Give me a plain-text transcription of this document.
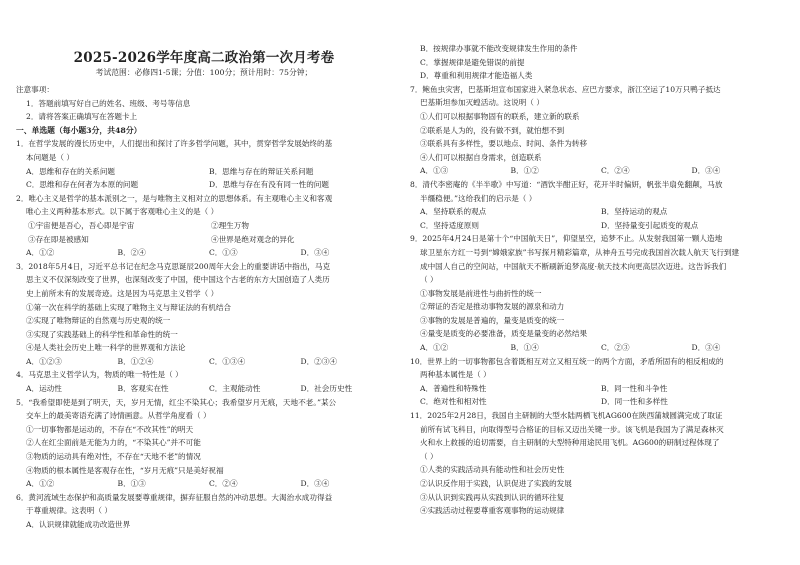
2025-2026学年度高二政治第一次月考卷
考试范围：必修四1-5课；分值：100分；预计用时：75分钟；
注意事项：
1．答题前填写好自己的姓名、班级、考号等信息
2．请将答案正确填写在答题卡上
一、单选题（每小题3分，共48分）
1．在哲学发展的漫长历史中，人们提出和探讨了许多哲学问题，其中，贯穿哲学发展始终的基
本问题是（ ）
A．思维和存在的关系问题	B．思维与存在的辩证关系问题
C．思维和存在何者为本原的问题	D．思维与存在有没有同一性的问题
2．唯心主义是哲学的基本派别之一，是与唯物主义相对立的思想体系。有主观唯心主义和客观
唯心主义两种基本形式。以下属于客观唯心主义的是（ ）
①宇宙便是吾心，吾心即是宇宙	②理生万物
③存在即是被感知	④世界是绝对观念的异化
A．①②	B．②④	C．①③	D．③④
3．2018年5月4日，习近平总书记在纪念马克思诞辰200周年大会上的重要讲话中指出，马克
思主义不仅深刻改变了世界，也深刻改变了中国，使中国这个古老的东方大国创造了人类历
史上前所未有的发展奇迹。这是因为马克思主义哲学（ ）
①第一次在科学的基础上实现了唯物主义与辩证法的有机结合
②实现了唯物辩证的自然观与历史观的统一
③实现了实践基础上的科学性和革命性的统一
④是人类社会历史上唯一科学的世界观和方法论
A．①②③	B．①②④	C．①③④	D．②③④
4．马克思主义哲学认为，物质的唯一特性是（ ）
A．运动性	B．客观实在性	C．主观能动性	D．社会历史性
5．“我希望即使是到了明天，天，岁月无情，红尘不染其心；我希望岁月无痕，天地不老。”某公
交车上的最美寄语充满了诗情画意。从哲学角度看（ ）
①一切事物都是运动的，不存在“不改其性”的明天
②人在红尘面前是无能为力的，“不染其心”并不可能
③物质的运动具有绝对性，不存在“天地不老”的情况
④物质的根本属性是客观存在性，“岁月无痕”只是美好祝福
A．①②	B．①③	C．②④	D．③④
6．黄河流域生态保护和高质量发展要尊重规律，摒弃征服自然的冲动思想。大渴治水成功得益
于尊重规律。这表明（ ）
A．认识规律就能成功改造世界
B．按规律办事就不能改变规律发生作用的条件
C．掌握规律是避免错误的前提
D．尊重和利用规律才能造福人类
7．鲍鱼虫灾害，巴基斯坦宣布国家进入紧急状态、应巴方要求，浙江空运了10万只鸭子抵达
巴基斯坦参加灭蝗活动。这说明（ ）
①人们可以根据事物固有的联系，建立新的联系
②联系是人为的，没有做不到，就怕想不到
③联系具有多样性，要以地点、时间、条件为转移
④人们可以根据自身需求，创造联系
A．①③	B．①②	C．②④	D．③④
8．清代李密庵的《半半歌》中写道：“酒饮半酣正好，花开半时偏妍，帆张半扇免翻颠，马放
半缰稳便。”这给我们的启示是（ ）
A．坚持联系的观点	B．坚持运动的观点
C．坚持适度原则	D．坚持量变引起质变的观点
9．2025年4月24日是第十个“中国航天日”，仰望星空，追梦不止。从发射我国第一颗人造地
球卫星东方红一号到“嫦娥家族”书写探月精彩篇章，从神舟五号完成我国首次载人航天飞行到建
成中国人自己的空间站，中国航天不断刷新追梦高度·航天技术向更高层次迈进。这告诉我们
（ ）
①事物发展是前进性与曲折性的统一
②辩证的否定是推动事物发展的源泉和动力
③事物的发展是普遍的，量变是质变的统一
④量变是质变的必要准备，质变是量变的必然结果
A．①②	B．①④	C．②③	D．③④
10．世界上的一切事物都包含着既相互对立又相互统一的两个方面，矛盾所固有的相反相成的
两种基本属性是（ ）
A．普遍性和特殊性	B．同一性和斗争性
C．绝对性和相对性	D．同一性和多样性
11．2025年2月28日，我国自主研制的大型水陆两栖飞机AG600在陕西蒲城圆满完成了取证
前所有试飞科目，向取得型号合格证的目标又迈出关键一步。该飞机是我国为了满足森林灭
火和水上救援的追切需要，自主研制的大型特种用途民用飞机。AG600的研制过程体现了
（ ）
①人类的实践活动具有能动性和社会历史性
②认识反作用于实践，认识促进了实践的发展
③从认识到实践再从实践到认识的循环往复
④实践活动过程要尊重客观事物的运动规律
